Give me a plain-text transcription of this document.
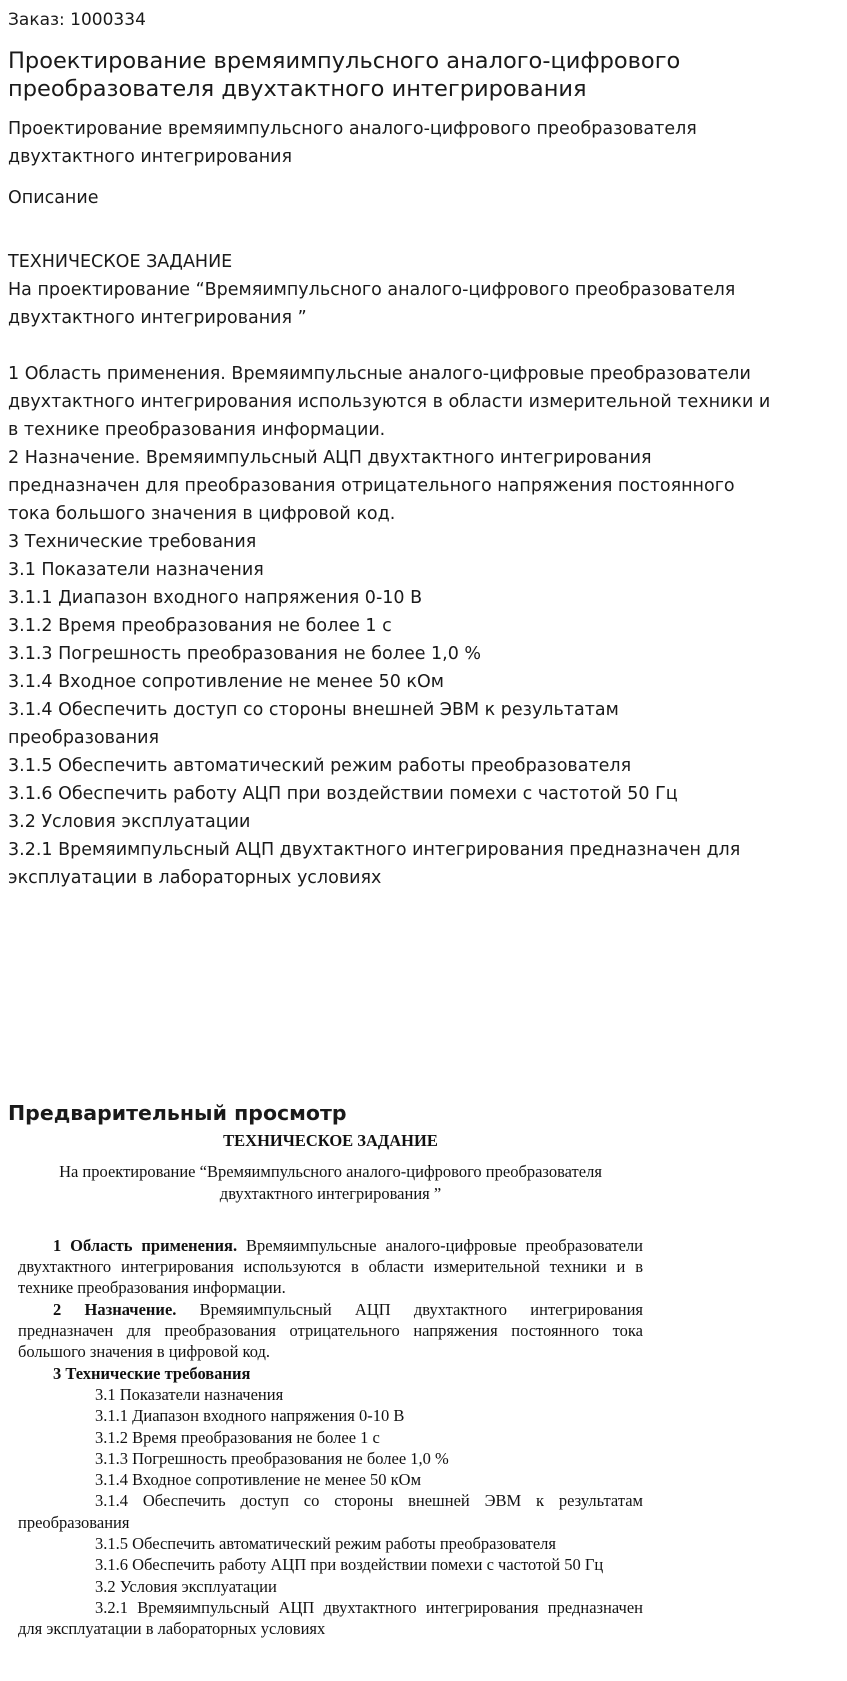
Заказ: 1000334
Проектирование времяимпульсного аналого-цифрового преобразователя двухтактного интегрирования
Проектирование времяимпульсного аналого-цифрового преобразователя двухтактного интегрирования
Описание
ТЕХНИЧЕСКОЕ ЗАДАНИЕ
На проектирование “Времяимпульсного аналого-цифрового преобразователя
двухтактного интегрирования ”
1 Область применения. Времяимпульсные аналого-цифровые преобразователи
двухтактного интегрирования используются в области измерительной техники и
в технике преобразования информации.
2 Назначение. Времяимпульсный АЦП двухтактного интегрирования
предназначен для преобразования отрицательного напряжения постоянного
тока большого значения в цифровой код.
3 Технические требования
3.1 Показатели назначения
3.1.1 Диапазон входного напряжения 0-10 В
3.1.2 Время преобразования не более 1 с
3.1.3 Погрешность преобразования не более 1,0 %
3.1.4 Входное сопротивление не менее 50 кОм
3.1.4 Обеспечить доступ со стороны внешней ЭВМ к результатам
преобразования
3.1.5 Обеспечить автоматический режим работы преобразователя
3.1.6 Обеспечить работу АЦП при воздействии помехи с частотой 50 Гц
3.2 Условия эксплуатации
3.2.1 Времяимпульсный АЦП двухтактного интегрирования предназначен для
эксплуатации в лабораторных условиях
Предварительный просмотр
ТЕХНИЧЕСКОЕ ЗАДАНИЕ
На проектирование “Времяимпульсного аналого-цифрового преобразователя двухтактного интегрирования ”
1 Область применения. Времяимпульсные аналого-цифровые преобразователи двухтактного интегрирования используются в области измерительной техники и в технике преобразования информации.
2 Назначение. Времяимпульсный АЦП двухтактного интегрирования предназначен для преобразования отрицательного напряжения постоянного тока большого значения в цифровой код.
3 Технические требования
3.1 Показатели назначения
3.1.1 Диапазон входного напряжения 0-10 В
3.1.2 Время преобразования не более 1 с
3.1.3 Погрешность преобразования не более 1,0 %
3.1.4 Входное сопротивление не менее 50 кОм
3.1.4 Обеспечить доступ со стороны внешней ЭВМ к результатам преобразования
3.1.5 Обеспечить автоматический режим работы преобразователя
3.1.6 Обеспечить работу АЦП при воздействии помехи с частотой 50 Гц
3.2 Условия эксплуатации
3.2.1 Времяимпульсный АЦП двухтактного интегрирования предназначен для эксплуатации в лабораторных условиях
